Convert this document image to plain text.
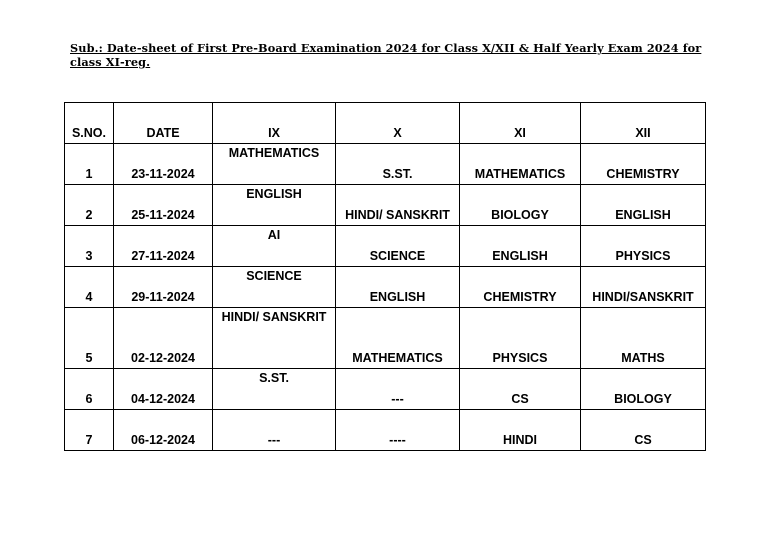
Sub.: Date-sheet of First Pre-Board Examination 2024 for Class X/XII & Half Yearly Exam 2024 for class XI-reg.
S.NO.	DATE	IX	X	XI	XII
1	23-11-2024	MATHEMATICS	S.ST.	MATHEMATICS	CHEMISTRY
2	25-11-2024	ENGLISH	HINDI/ SANSKRIT	BIOLOGY	ENGLISH
3	27-11-2024	AI	SCIENCE	ENGLISH	PHYSICS
4	29-11-2024	SCIENCE	ENGLISH	CHEMISTRY	HINDI/SANSKRIT
5	02-12-2024	HINDI/ SANSKRIT	MATHEMATICS	PHYSICS	MATHS
6	04-12-2024	S.ST.	---	CS	BIOLOGY
7	06-12-2024	---	----	HINDI	CS
